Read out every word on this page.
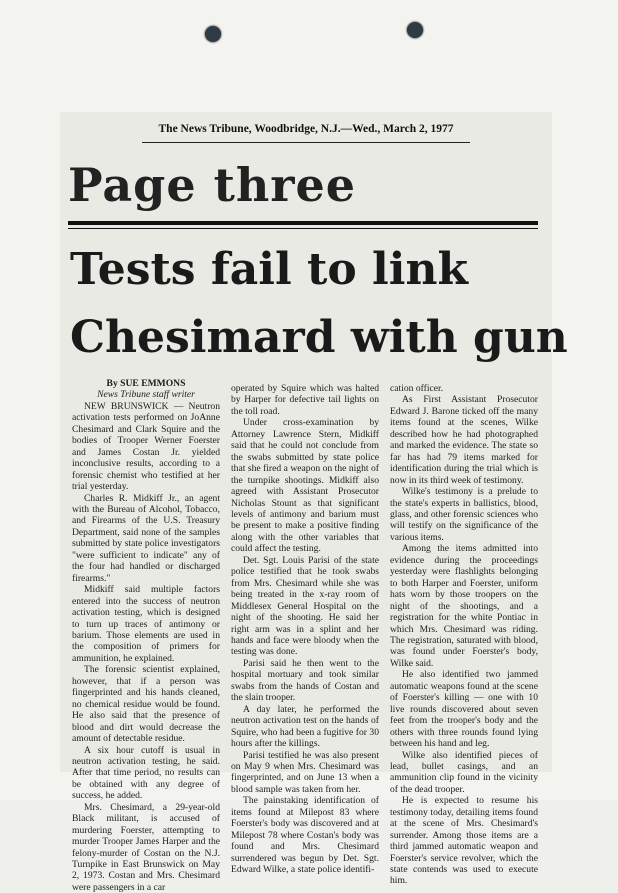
The News Tribune, Woodbridge, N.J.—Wed., March 2, 1977
Page three
Tests fail to link
Chesimard with gun
By SUE EMMONS
News Tribune staff writer

NEW BRUNSWICK — Neutron activation tests performed on JoAnne Chesimard and Clark Squire and the bodies of Trooper Werner Foerster and James Costan Jr. yielded inconclusive results, according to a forensic chemist who testified at her trial yesterday.

Charles R. Midkiff Jr., an agent with the Bureau of Alcohol, Tobacco, and Firearms of the U.S. Treasury Department, said none of the samples submitted by state police investigators "were sufficient to indicate" any of the four had handled or discharged firearms."

Midkiff said multiple factors entered into the success of neutron activation testing, which is designed to turn up traces of antimony or barium. Those elements are used in the composition of primers for ammunition, he explained.

The forensic scientist explained, however, that if a person was fingerprinted and his hands cleaned, no chemical residue would be found. He also said that the presence of blood and dirt would decrease the amount of detectable residue.

A six hour cutoff is usual in neutron activation testing, he said. After that time period, no results can be obtained with any degree of success, he added.

Mrs. Chesimard, a 29-year-old Black militant, is accused of murdering Foerster, attempting to murder Trooper James Harper and the felony-murder of Costan on the N.J. Turnpike in East Brunswick on May 2, 1973. Costan and Mrs. Chesimard were passengers in a car

operated by Squire which was halted by Harper for defective tail lights on the toll road.

Under cross-examination by Attorney Lawrence Stern, Midkiff said that he could not conclude from the swabs submitted by state police that she fired a weapon on the night of the turnpike shootings. Midkiff also agreed with Assistant Prosecutor Nicholas Stount as that significant levels of antimony and barium must be present to make a positive finding along with the other variables that could affect the testing.

Det. Sgt. Louis Parisi of the state police testified that he took swabs from Mrs. Chesimard while she was being treated in the x-ray room of Middlesex General Hospital on the night of the shooting. He said her right arm was in a splint and her hands and face were bloody when the testing was done.

Parisi said he then went to the hospital mortuary and took similar swabs from the hands of Costan and the slain trooper.

A day later, he performed the neutron activation test on the hands of Squire, who had been a fugitive for 30 hours after the killings.

Parisi testified he was also present on May 9 when Mrs. Chesimard was fingerprinted, and on June 13 when a blood sample was taken from her.

The painstaking identification of items found at Milepost 83 where Foerster's body was discovered and at Milepost 78 where Costan's body was found and Mrs. Chesimard surrendered was begun by Det. Sgt. Edward Wilke, a state police identifi-

cation officer.

As First Assistant Prosecutor Edward J. Barone ticked off the many items found at the scenes, Wilke described how he had photographed and marked the evidence. The state so far has had 79 items marked for identification during the trial which is now in its third week of testimony.

Wilke's testimony is a prelude to the state's experts in ballistics, blood, glass, and other forensic sciences who will testify on the significance of the various items.

Among the items admitted into evidence during the proceedings yesterday were flashlights belonging to both Harper and Foerster, uniform hats worn by those troopers on the night of the shootings, and a registration for the white Pontiac in which Mrs. Chesimard was riding. The registration, saturated with blood, was found under Foerster's body, Wilke said.

He also identified two jammed automatic weapons found at the scene of Foerster's killing — one with 10 live rounds discovered about seven feet from the trooper's body and the others with three rounds found lying between his hand and leg.

Wilke also identified pieces of lead, bullet casings, and an ammunition clip found in the vicinity of the dead trooper.

He is expected to resume his testimony today, detailing items found at the scene of Mrs. Chesimard's surrender. Among those items are a third jammed automatic weapon and Foerster's service revolver, which the state contends was used to execute him.
